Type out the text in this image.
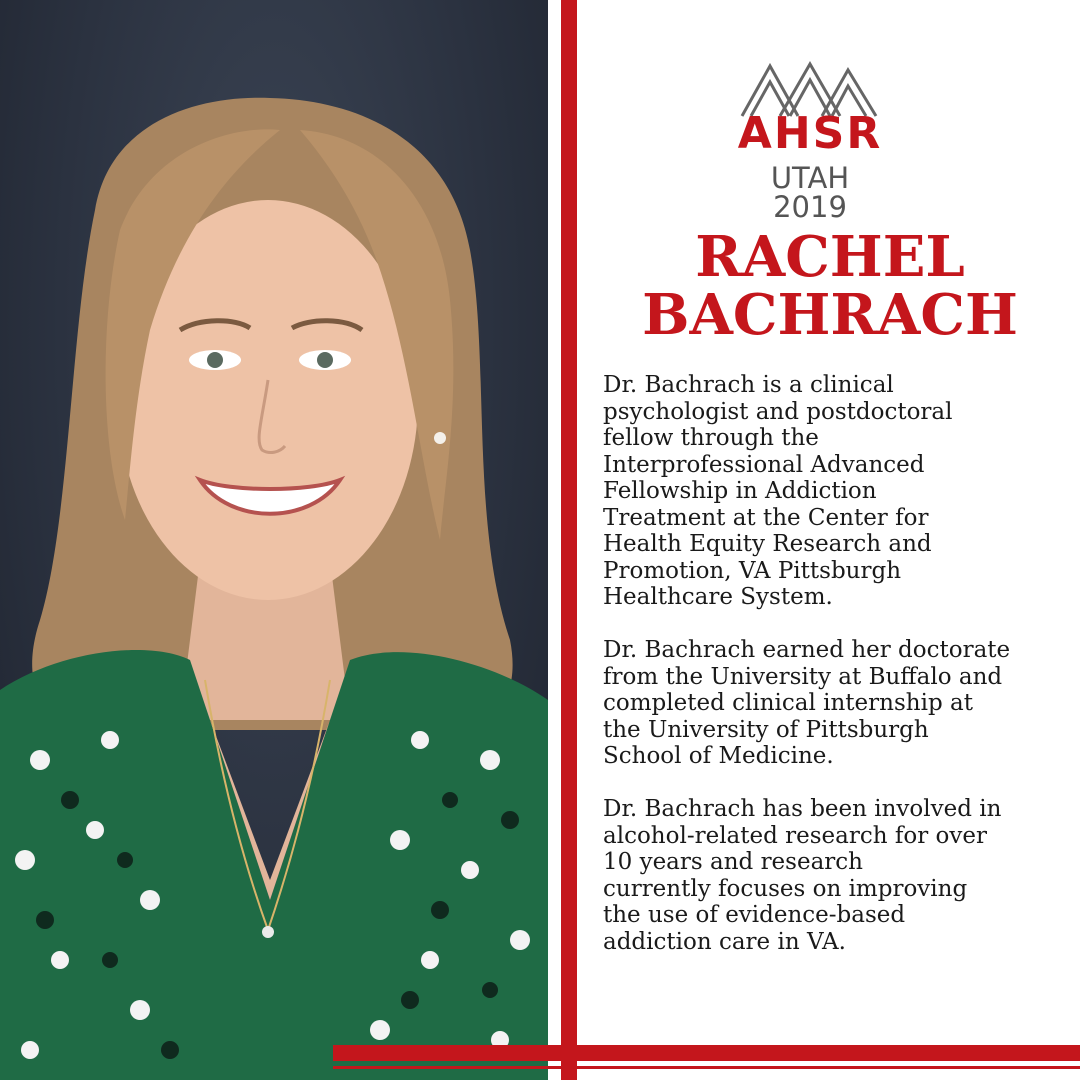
AHSR
UTAH 2019
RACHEL
BACHRACH

Dr. Bachrach is a clinical
psychologist and postdoctoral
fellow through the
Interprofessional Advanced
Fellowship in Addiction
Treatment at the Center for
Health Equity Research and
Promotion, VA Pittsburgh
Healthcare System.

Dr. Bachrach earned her doctorate
from the University at Buffalo and
completed clinical internship at
the University of Pittsburgh
School of Medicine.

Dr. Bachrach has been involved in
alcohol-related research for over
10 years and research
currently focuses on improving
the use of evidence-based
addiction care in VA.
